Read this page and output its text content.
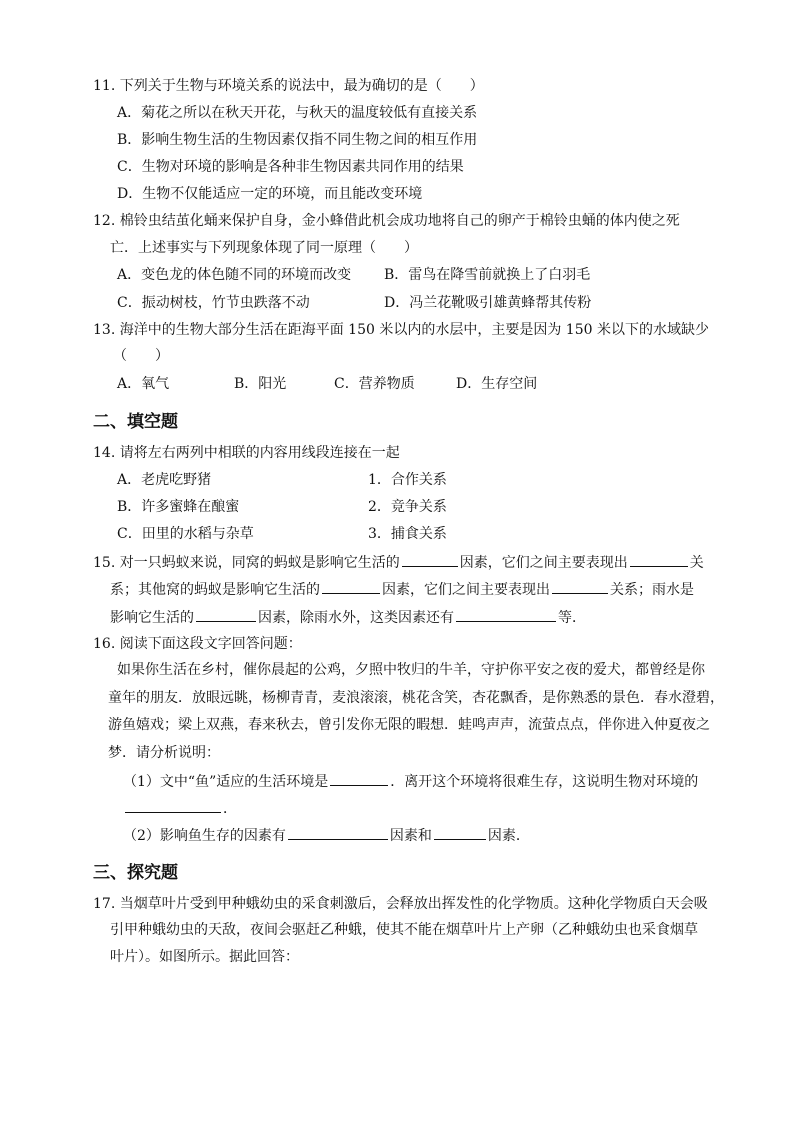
11. 下列关于生物与环境关系的说法中，最为确切的是（　　）
A．菊花之所以在秋天开花，与秋天的温度较低有直接关系
B．影响生物生活的生物因素仅指不同生物之间的相互作用
C．生物对环境的影响是各种非生物因素共同作用的结果
D．生物不仅能适应一定的环境，而且能改变环境
12. 棉铃虫结茧化蛹来保护自身，金小蜂借此机会成功地将自己的卵产于棉铃虫蛹的体内使之死
亡．上述事实与下列现象体现了同一原理（　　）
A．变色龙的体色随不同的环境而改变 B．雷鸟在降雪前就换上了白羽毛
C．振动树枝，竹节虫跌落不动	D．冯兰花靴吸引雄黄蜂帮其传粉
13. 海洋中的生物大部分生活在距海平面 150 米以内的水层中，主要是因为 150 米以下的水域缺少
（　　）
A．氧气	B．阳光	C．营养物质	D．生存空间
二、填空题
14. 请将左右两列中相联的内容用线段连接在一起
A．老虎吃野猪	1．合作关系
B．许多蜜蜂在酿蜜	2．竞争关系
C．田里的水稻与杂草	3．捕食关系
15. 对一只蚂蚁来说，同窝的蚂蚁是影响它生活的	因素，它们之间主要表现出	关
系；其他窝的蚂蚁是影响它生活的	因素，它们之间主要表现出	关系；雨水是
影响它生活的	因素，除雨水外，这类因素还有	等．
16. 阅读下面这段文字回答问题：
如果你生活在乡村，催你晨起的公鸡，夕照中牧归的牛羊，守护你平安之夜的爱犬，都曾经是你
童年的朋友．放眼远眺，杨柳青青，麦浪滚滚，桃花含笑，杏花飘香，是你熟悉的景色．春水澄碧，
游鱼嬉戏；梁上双燕，春来秋去，曾引发你无限的暇想．蛙鸣声声，流萤点点，伴你进入仲夏夜之
梦．请分析说明：
（1）文中“鱼”适应的生活环境是	．离开这个环境将很难生存，这说明生物对环境的
．
（2）影响鱼生存的因素有	因素和	因素．
三、探究题
17. 当烟草叶片受到甲种蛾幼虫的采食刺激后，会释放出挥发性的化学物质。这种化学物质白天会吸
引甲种蛾幼虫的天敌，夜间会驱赶乙种蛾，使其不能在烟草叶片上产卵（乙种蛾幼虫也采食烟草
叶片）。如图所示。据此回答：
